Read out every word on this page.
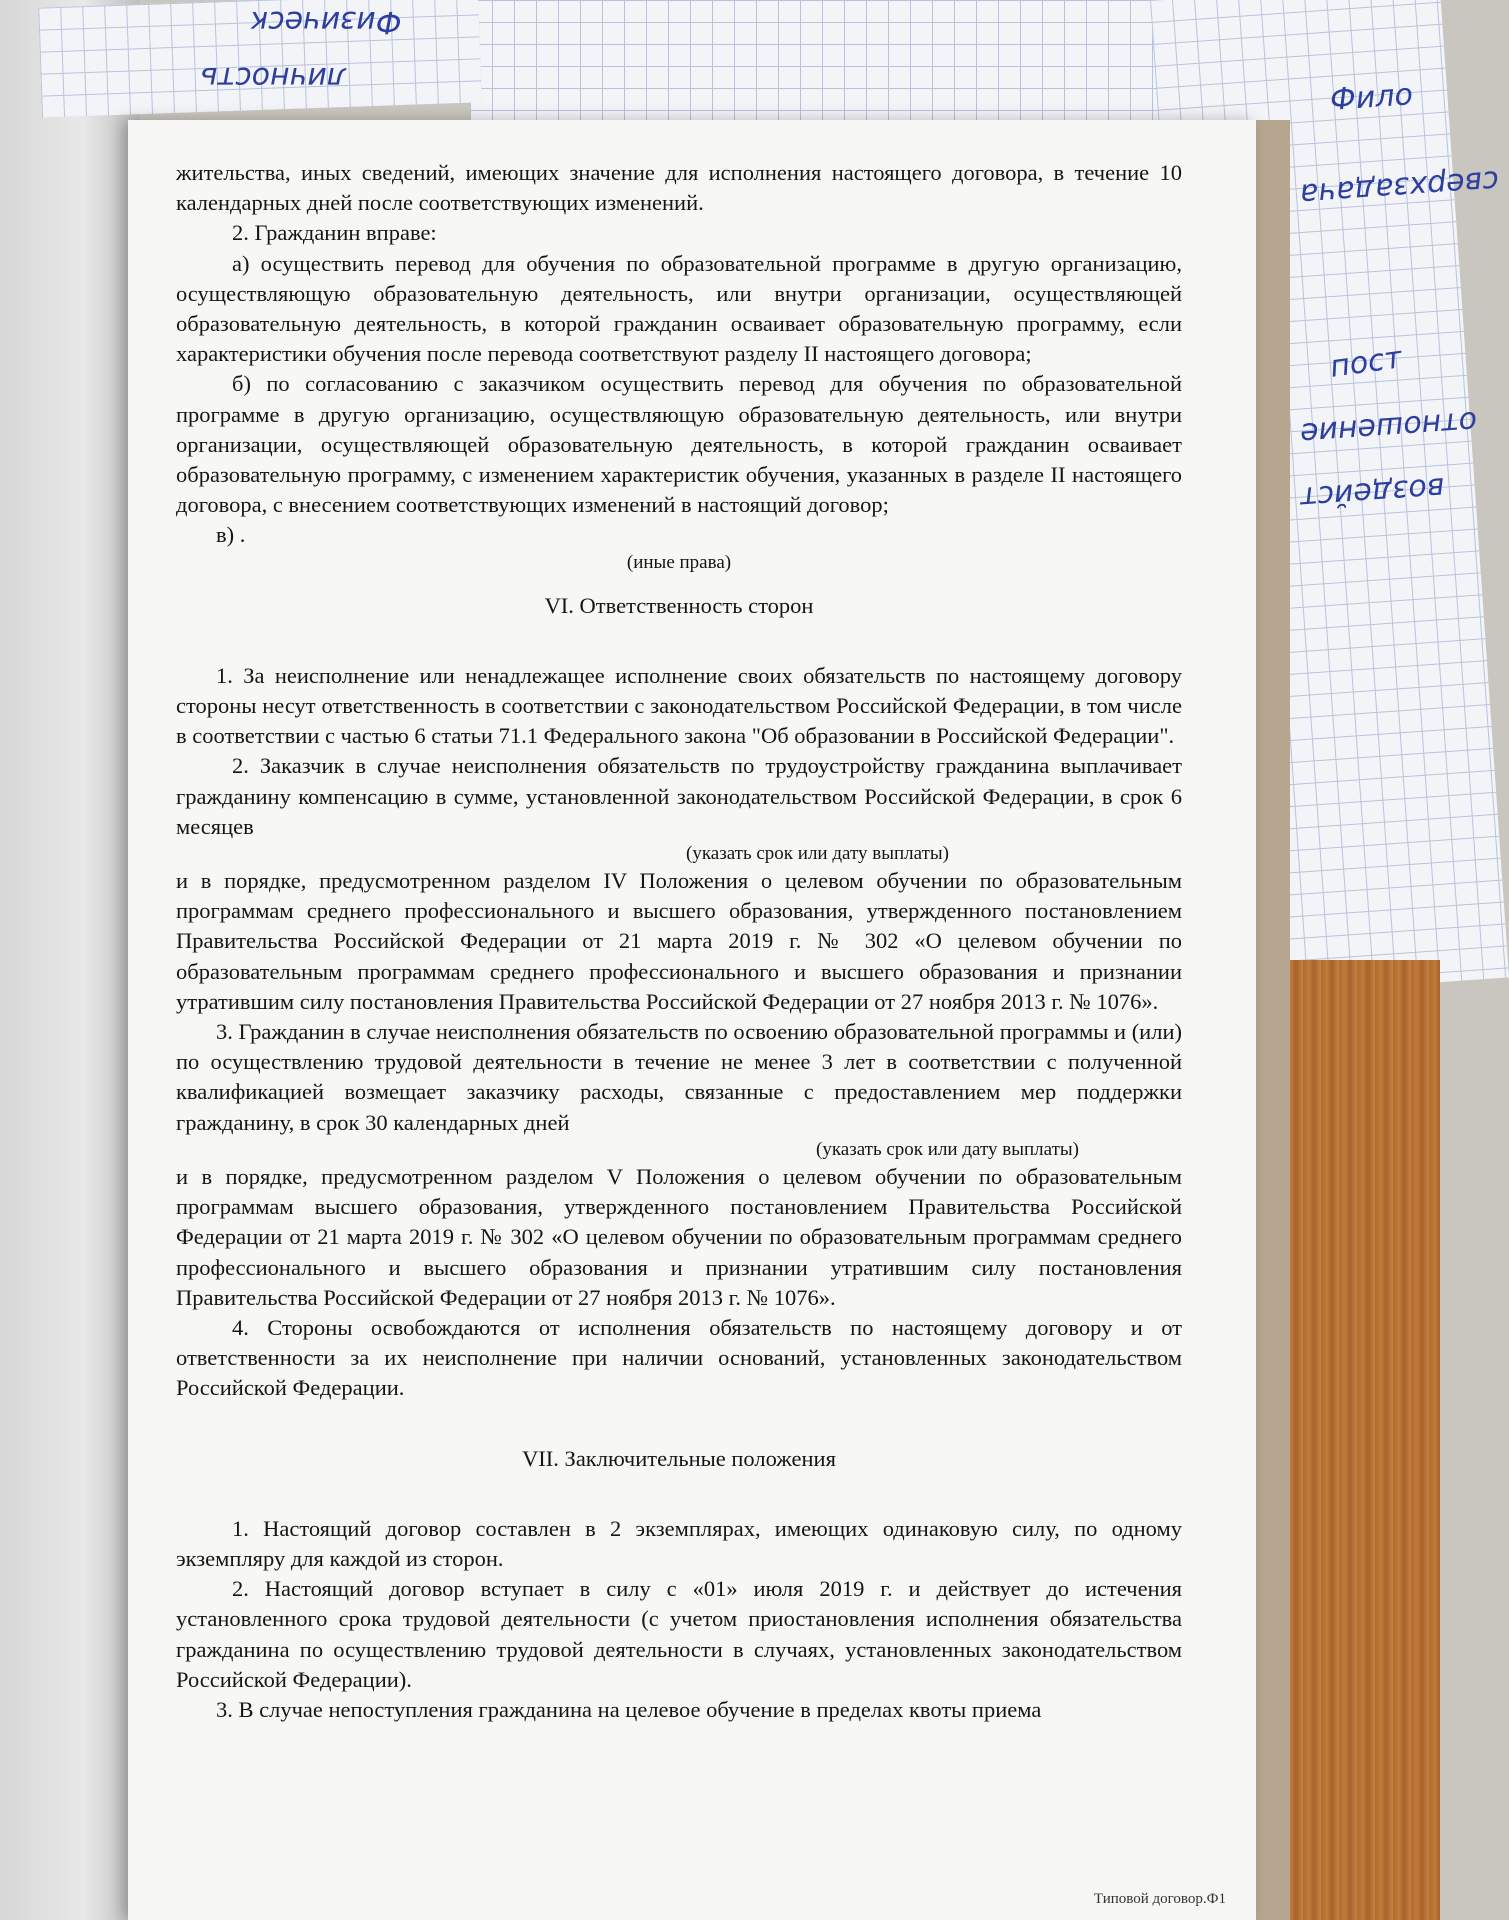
Физическ
личность	Фило
сверхзадача
пост
отношение
воздейст

жительства, иных сведений, имеющих значение для исполнения настоящего договора, в течение 10 календарных дней после соответствующих изменений.

2. Гражданин вправе:

а) осуществить перевод для обучения по образовательной программе в другую организацию, осуществляющую образовательную деятельность, или внутри организации, осуществляющей образовательную деятельность, в которой гражданин осваивает образовательную программу, если характеристики обучения после перевода соответствуют разделу II настоящего договора;

б) по согласованию с заказчиком осуществить перевод для обучения по образовательной программе в другую организацию, осуществляющую образовательную деятельность, или внутри организации, осуществляющей образовательную деятельность, в которой гражданин осваивает образовательную программу, с изменением характеристик обучения, указанных в разделе II настоящего договора, с внесением соответствующих изменений в настоящий договор;

в) .

(иные права)

VI. Ответственность сторон

1. За неисполнение или ненадлежащее исполнение своих обязательств по настоящему договору стороны несут ответственность в соответствии с законодательством Российской Федерации, в том числе в соответствии с частью 6 статьи 71.1 Федерального закона "Об образовании в Российской Федерации".

2. Заказчик в случае неисполнения обязательств по трудоустройству гражданина выплачивает гражданину компенсацию в сумме, установленной законодательством Российской Федерации, в срок 6 месяцев

(указать срок или дату выплаты)

и в порядке, предусмотренном разделом IV Положения о целевом обучении по образовательным программам среднего профессионального и высшего образования, утвержденного постановлением Правительства Российской Федерации от 21 марта 2019 г. № 302 «О целевом обучении по образовательным программам среднего профессионального и высшего образования и признании утратившим силу постановления Правительства Российской Федерации от 27 ноября 2013 г. № 1076».

3. Гражданин в случае неисполнения обязательств по освоению образовательной программы и (или) по осуществлению трудовой деятельности в течение не менее 3 лет в соответствии с полученной квалификацией возмещает заказчику расходы, связанные с предоставлением мер поддержки гражданину, в срок 30 календарных дней

(указать срок или дату выплаты)

и в порядке, предусмотренном разделом V Положения о целевом обучении по образовательным программам высшего образования, утвержденного постановлением Правительства Российской Федерации от 21 марта 2019 г. № 302 «О целевом обучении по образовательным программам среднего профессионального и высшего образования и признании утратившим силу постановления Правительства Российской Федерации от 27 ноября 2013 г. № 1076».

4. Стороны освобождаются от исполнения обязательств по настоящему договору и от ответственности за их неисполнение при наличии оснований, установленных законодательством Российской Федерации.

VII. Заключительные положения

1. Настоящий договор составлен в 2 экземплярах, имеющих одинаковую силу, по одному экземпляру для каждой из сторон.

2. Настоящий договор вступает в силу с «01» июля 2019 г. и действует до истечения установленного срока трудовой деятельности (с учетом приостановления исполнения обязательства гражданина по осуществлению трудовой деятельности в случаях, установленных законодательством Российской Федерации).

3. В случае непоступления гражданина на целевое обучение в пределах квоты приема

Типовой договор.Ф1
